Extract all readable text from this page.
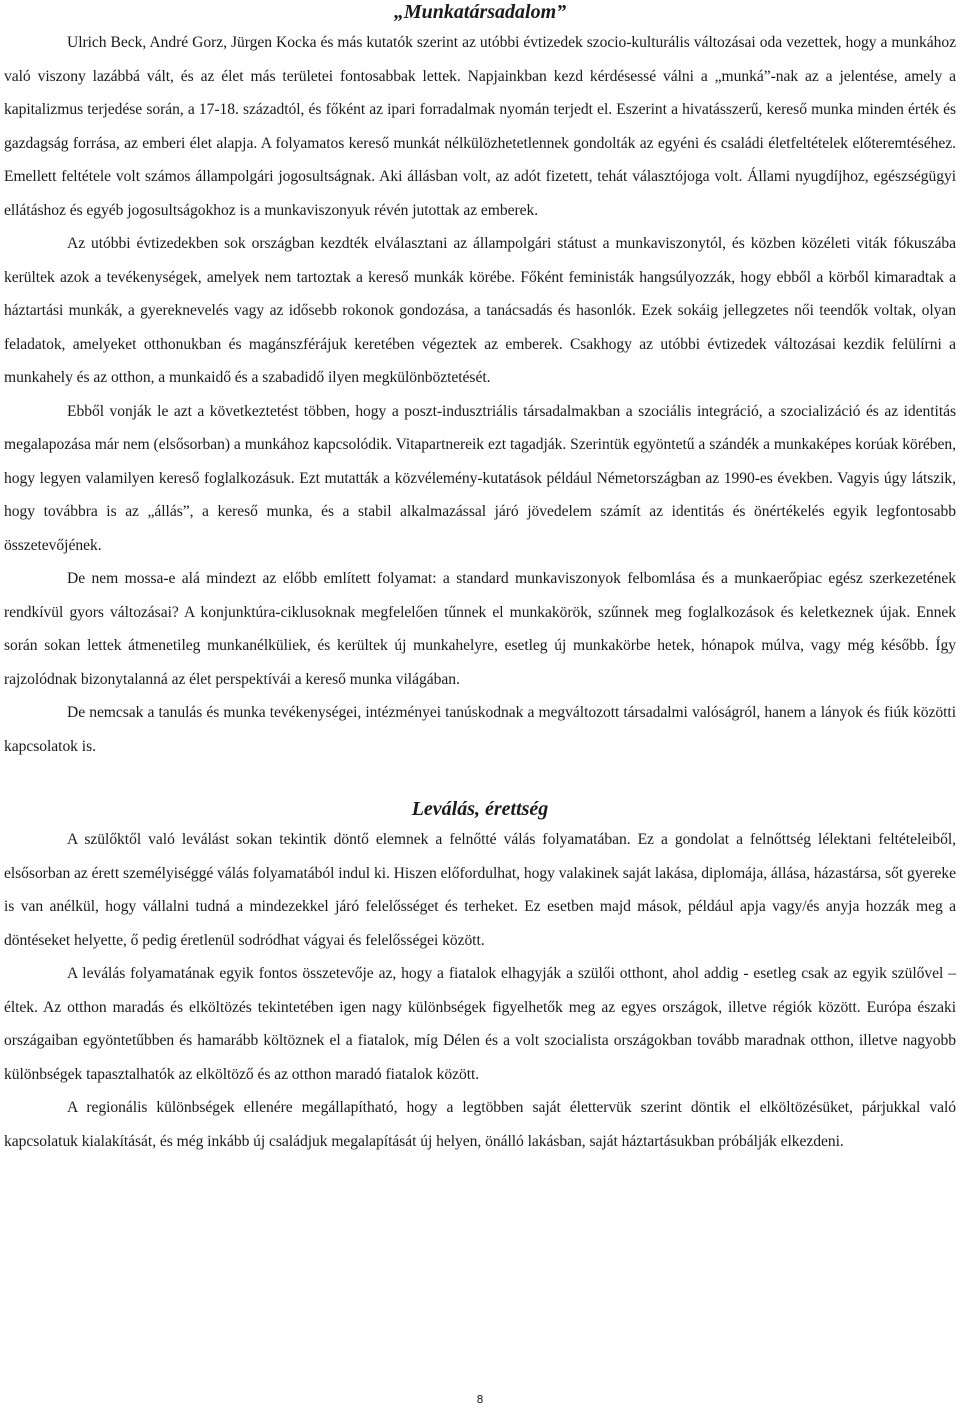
„Munkatársadalom”

Ulrich Beck, André Gorz, Jürgen Kocka és más kutatók szerint az utóbbi évtizedek szocio-kulturális változásai oda vezettek, hogy a munkához való viszony lazábbá vált, és az élet más területei fontosabbak lettek. Napjainkban kezd kérdésessé válni a „munká”-nak az a jelentése, amely a kapitalizmus terjedése során, a 17-18. századtól, és főként az ipari forradalmak nyomán terjedt el. Eszerint a hivatásszerű, kereső munka minden érték és gazdagság forrása, az emberi élet alapja. A folyamatos kereső munkát nélkülözhetetlennek gondolták az egyéni és családi életfeltételek előteremtéséhez. Emellett feltétele volt számos állampolgári jogosultságnak. Aki állásban volt, az adót fizetett, tehát választójoga volt. Állami nyugdíjhoz, egészségügyi ellátáshoz és egyéb jogosultságokhoz is a munkaviszonyuk révén jutottak az emberek.

Az utóbbi évtizedekben sok országban kezdték elválasztani az állampolgári státust a munkaviszonytól, és közben közéleti viták fókuszába kerültek azok a tevékenységek, amelyek nem tartoztak a kereső munkák körébe. Főként feministák hangsúlyozzák, hogy ebből a körből kimaradtak a háztartási munkák, a gyereknevelés vagy az idősebb rokonok gondozása, a tanácsadás és hasonlók. Ezek sokáig jellegzetes női teendők voltak, olyan feladatok, amelyeket otthonukban és magánszférájuk keretében végeztek az emberek. Csakhogy az utóbbi évtizedek változásai kezdik felülírni a munkahely és az otthon, a munkaidő és a szabadidő ilyen megkülönböztetését.

Ebből vonják le azt a következtetést többen, hogy a poszt-indusztriális társadalmakban a szociális integráció, a szocializáció és az identitás megalapozása már nem (elsősorban) a munkához kapcsolódik. Vitapartnereik ezt tagadják. Szerintük egyöntetű a szándék a munkaképes korúak körében, hogy legyen valamilyen kereső foglalkozásuk. Ezt mutatták a közvélemény-kutatások például Németországban az 1990-es években. Vagyis úgy látszik, hogy továbbra is az „állás”, a kereső munka, és a stabil alkalmazással járó jövedelem számít az identitás és önértékelés egyik legfontosabb összetevőjének.

De nem mossa-e alá mindezt az előbb említett folyamat: a standard munkaviszonyok felbomlása és a munkaerőpiac egész szerkezetének rendkívül gyors változásai? A konjunktúra-ciklusoknak megfelelően tűnnek el munkakörök, szűnnek meg foglalkozások és keletkeznek újak. Ennek során sokan lettek átmenetileg munkanélküliek, és kerültek új munkahelyre, esetleg új munkakörbe hetek, hónapok múlva, vagy még később. Így rajzolódnak bizonytalanná az élet perspektívái a kereső munka világában.

De nemcsak a tanulás és munka tevékenységei, intézményei tanúskodnak a megváltozott társadalmi valóságról, hanem a lányok és fiúk közötti kapcsolatok is.

Leválás, érettség

A szülőktől való leválást sokan tekintik döntő elemnek a felnőtté válás folyamatában. Ez a gondolat a felnőttség lélektani feltételeiből, elsősorban az érett személyiséggé válás folyamatából indul ki. Hiszen előfordulhat, hogy valakinek saját lakása, diplomája, állása, házastársa, sőt gyereke is van anélkül, hogy vállalni tudná a mindezekkel járó felelősséget és terheket. Ez esetben majd mások, például apja vagy/és anyja hozzák meg a döntéseket helyette, ő pedig éretlenül sodródhat vágyai és felelősségei között.

A leválás folyamatának egyik fontos összetevője az, hogy a fiatalok elhagyják a szülői otthont, ahol addig - esetleg csak az egyik szülővel – éltek. Az otthon maradás és elköltözés tekintetében igen nagy különbségek figyelhetők meg az egyes országok, illetve régiók között. Európa északi országaiban egyöntetűbben és hamarább költöznek el a fiatalok, míg Délen és a volt szocialista országokban tovább maradnak otthon, illetve nagyobb különbségek tapasztalhatók az elköltöző és az otthon maradó fiatalok között.

A regionális különbségek ellenére megállapítható, hogy a legtöbben saját élettervük szerint döntik el elköltözésüket, párjukkal való kapcsolatuk kialakítását, és még inkább új családjuk megalapítását új helyen, önálló lakásban, saját háztartásukban próbálják elkezdeni.

8
